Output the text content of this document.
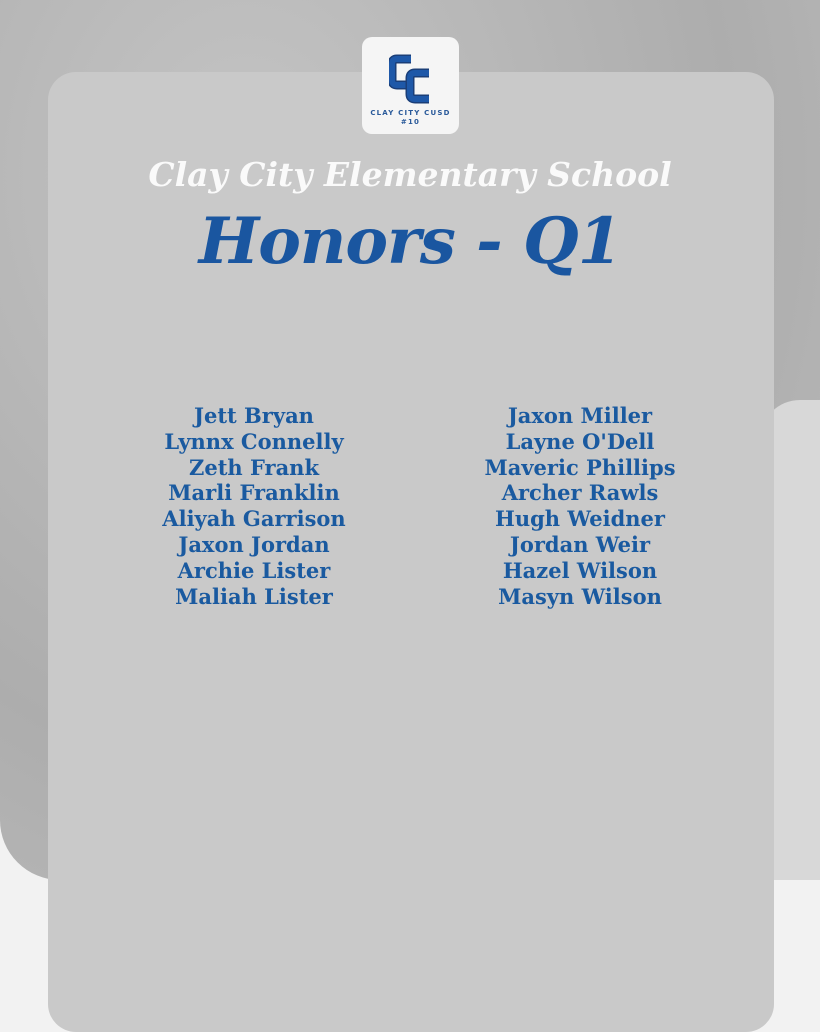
CLAY CITY CUSD #10
Clay City Elementary School
Honors - Q1
Jett Bryan
Lynnx Connelly
Zeth Frank
Marli Franklin
Aliyah Garrison
Jaxon Jordan
Archie Lister
Maliah Lister
Jaxon Miller
Layne O'Dell
Maveric Phillips
Archer Rawls
Hugh Weidner
Jordan Weir
Hazel Wilson
Masyn Wilson
